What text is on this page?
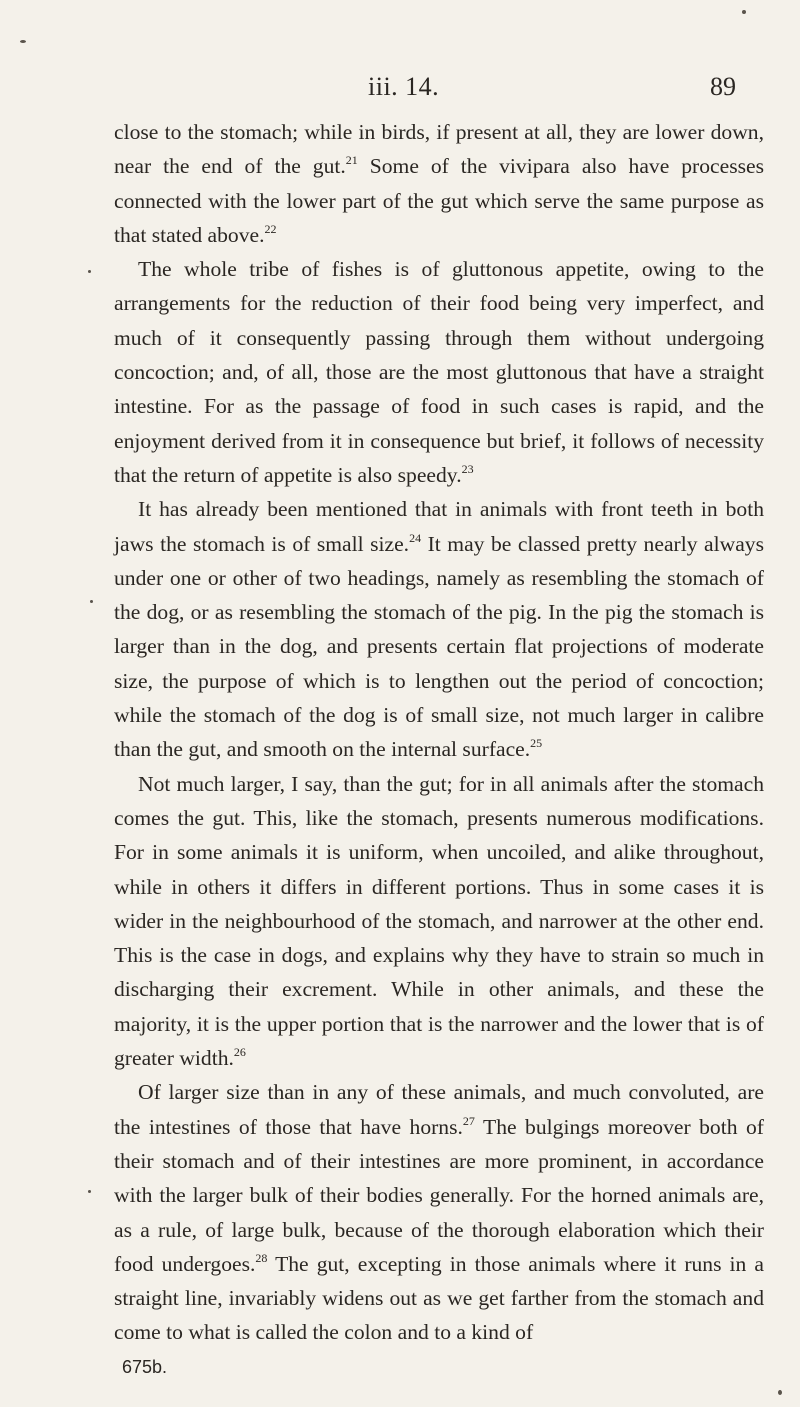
iii. 14.	89

close to the stomach; while in birds, if present at all, they are lower down, near the end of the gut.$^{21}$ Some of the vivipara also have processes connected with the lower part of the gut which serve the same purpose as that stated above.$^{22}$

The whole tribe of fishes is of gluttonous appetite, owing to the arrangements for the reduction of their food being very imperfect, and much of it consequently passing through them without undergoing concoction; and, of all, those are the most gluttonous that have a straight intestine. For as the passage of food in such cases is rapid, and the enjoyment derived from it in consequence but brief, it follows of necessity that the return of appetite is also speedy.$^{23}$

It has already been mentioned that in animals with front teeth in both jaws the stomach is of small size.$^{24}$ It may be classed pretty nearly always under one or other of two headings, namely as resembling the stomach of the dog, or as resembling the stomach of the pig. In the pig the stomach is larger than in the dog, and presents certain flat projections of moderate size, the purpose of which is to lengthen out the period of concoction; while the stomach of the dog is of small size, not much larger in calibre than the gut, and smooth on the internal surface.$^{25}$

Not much larger, I say, than the gut; for in all animals after the stomach comes the gut. This, like the stomach, presents numerous modifications. For in some animals it is uniform, when uncoiled, and alike throughout, while in others it differs in different portions. Thus in some cases it is wider in the neighbourhood of the stomach, and narrower at the other end. This is the case in dogs, and explains why they have to strain so much in discharging their excrement. While in other animals, and these the majority, it is the upper portion that is the narrower and the lower that is of greater width.$^{26}$

Of larger size than in any of these animals, and much convoluted, are the intestines of those that have horns.$^{27}$ The bulgings moreover both of their stomach and of their intestines are more prominent, in accordance with the larger bulk of their bodies generally. For the horned animals are, as a rule, of large bulk, because of the thorough elaboration which their food undergoes.$^{28}$ The gut, excepting in those animals where it runs in a straight line, invariably widens out as we get farther from the stomach and come to what is called the colon and to a kind of

675b.
